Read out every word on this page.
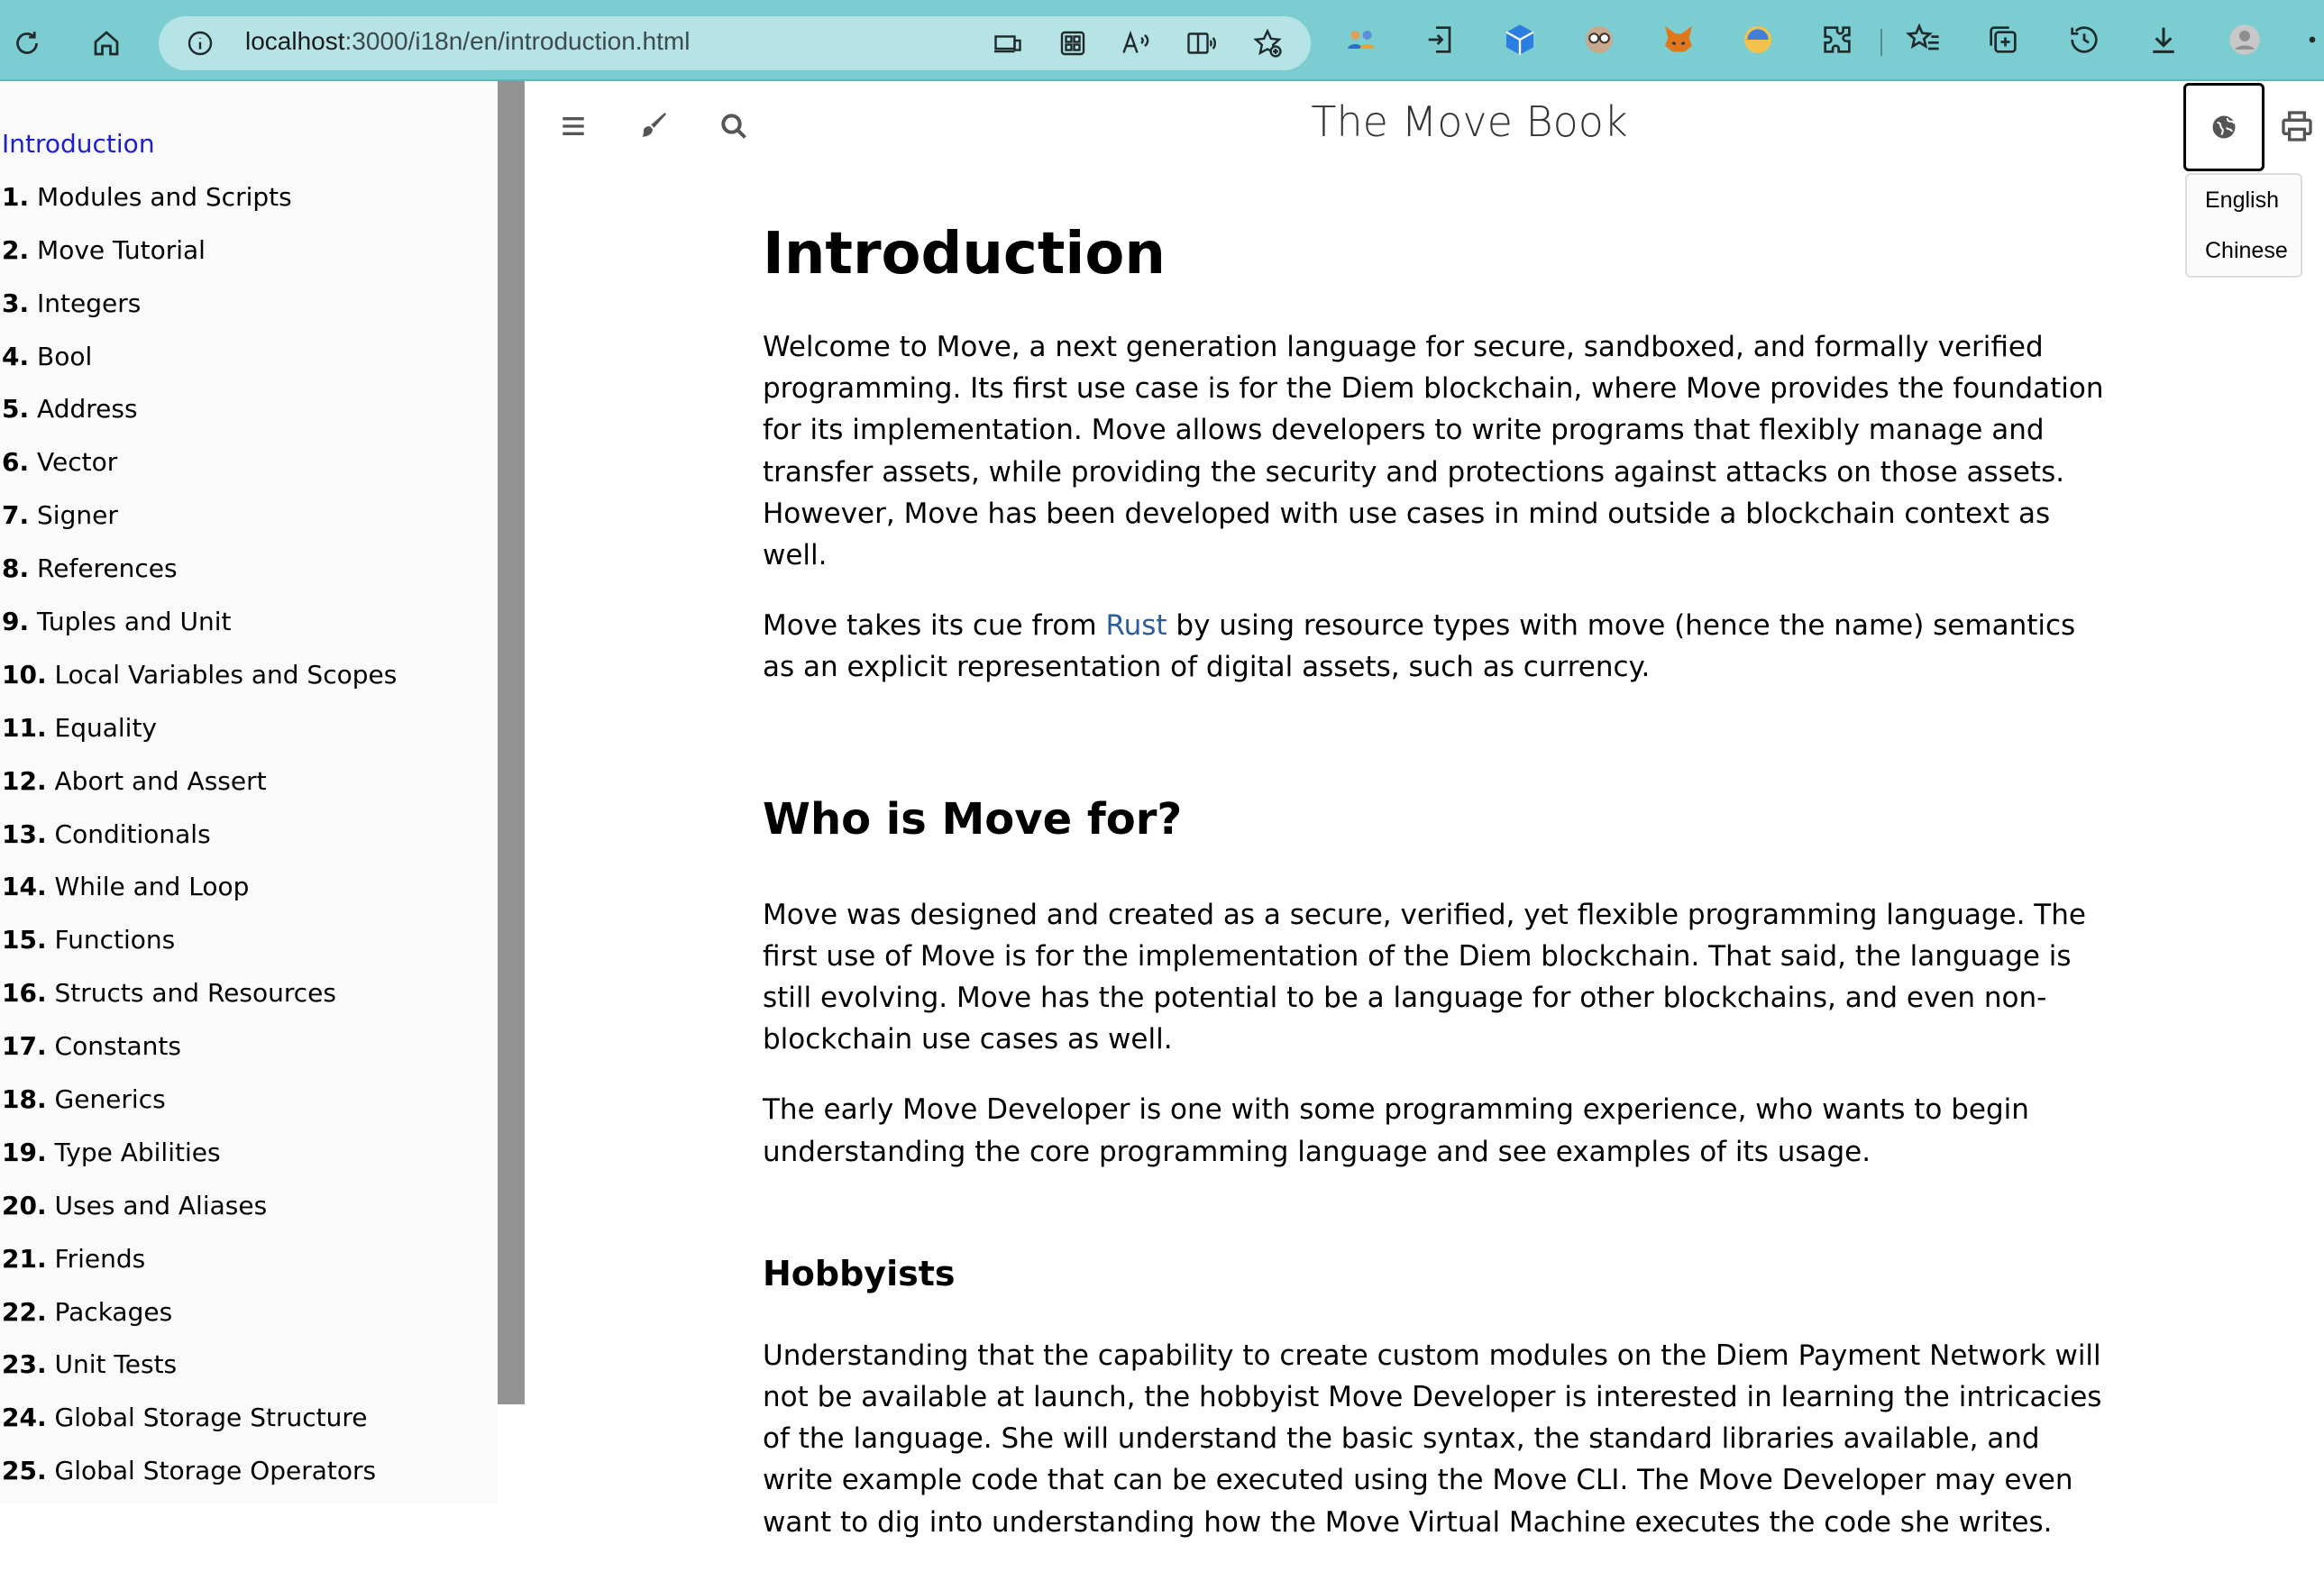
localhost:3000/i18n/en/introduction.html
Introduction
1. Modules and Scripts
2. Move Tutorial
3. Integers
4. Bool
5. Address
6. Vector
7. Signer
8. References
9. Tuples and Unit
10. Local Variables and Scopes
11. Equality
12. Abort and Assert
13. Conditionals
14. While and Loop
15. Functions
16. Structs and Resources
17. Constants
18. Generics
19. Type Abilities
20. Uses and Aliases
21. Friends
22. Packages
23. Unit Tests
24. Global Storage Structure
25. Global Storage Operators
The Move Book
English
Chinese
Introduction

Welcome to Move, a next generation language for secure, sandboxed, and formally verified programming. Its first use case is for the Diem blockchain, where Move provides the foundation for its implementation. Move allows developers to write programs that flexibly manage and transfer assets, while providing the security and protections against attacks on those assets. However, Move has been developed with use cases in mind outside a blockchain context as well.

Move takes its cue from Rust by using resource types with move (hence the name) semantics as an explicit representation of digital assets, such as currency.

Who is Move for?

Move was designed and created as a secure, verified, yet flexible programming language. The first use of Move is for the implementation of the Diem blockchain. That said, the language is still evolving. Move has the potential to be a language for other blockchains, and even non-blockchain use cases as well.

The early Move Developer is one with some programming experience, who wants to begin understanding the core programming language and see examples of its usage.

Hobbyists

Understanding that the capability to create custom modules on the Diem Payment Network will not be available at launch, the hobbyist Move Developer is interested in learning the intricacies of the language. She will understand the basic syntax, the standard libraries available, and write example code that can be executed using the Move CLI. The Move Developer may even want to dig into understanding how the Move Virtual Machine executes the code she writes.
